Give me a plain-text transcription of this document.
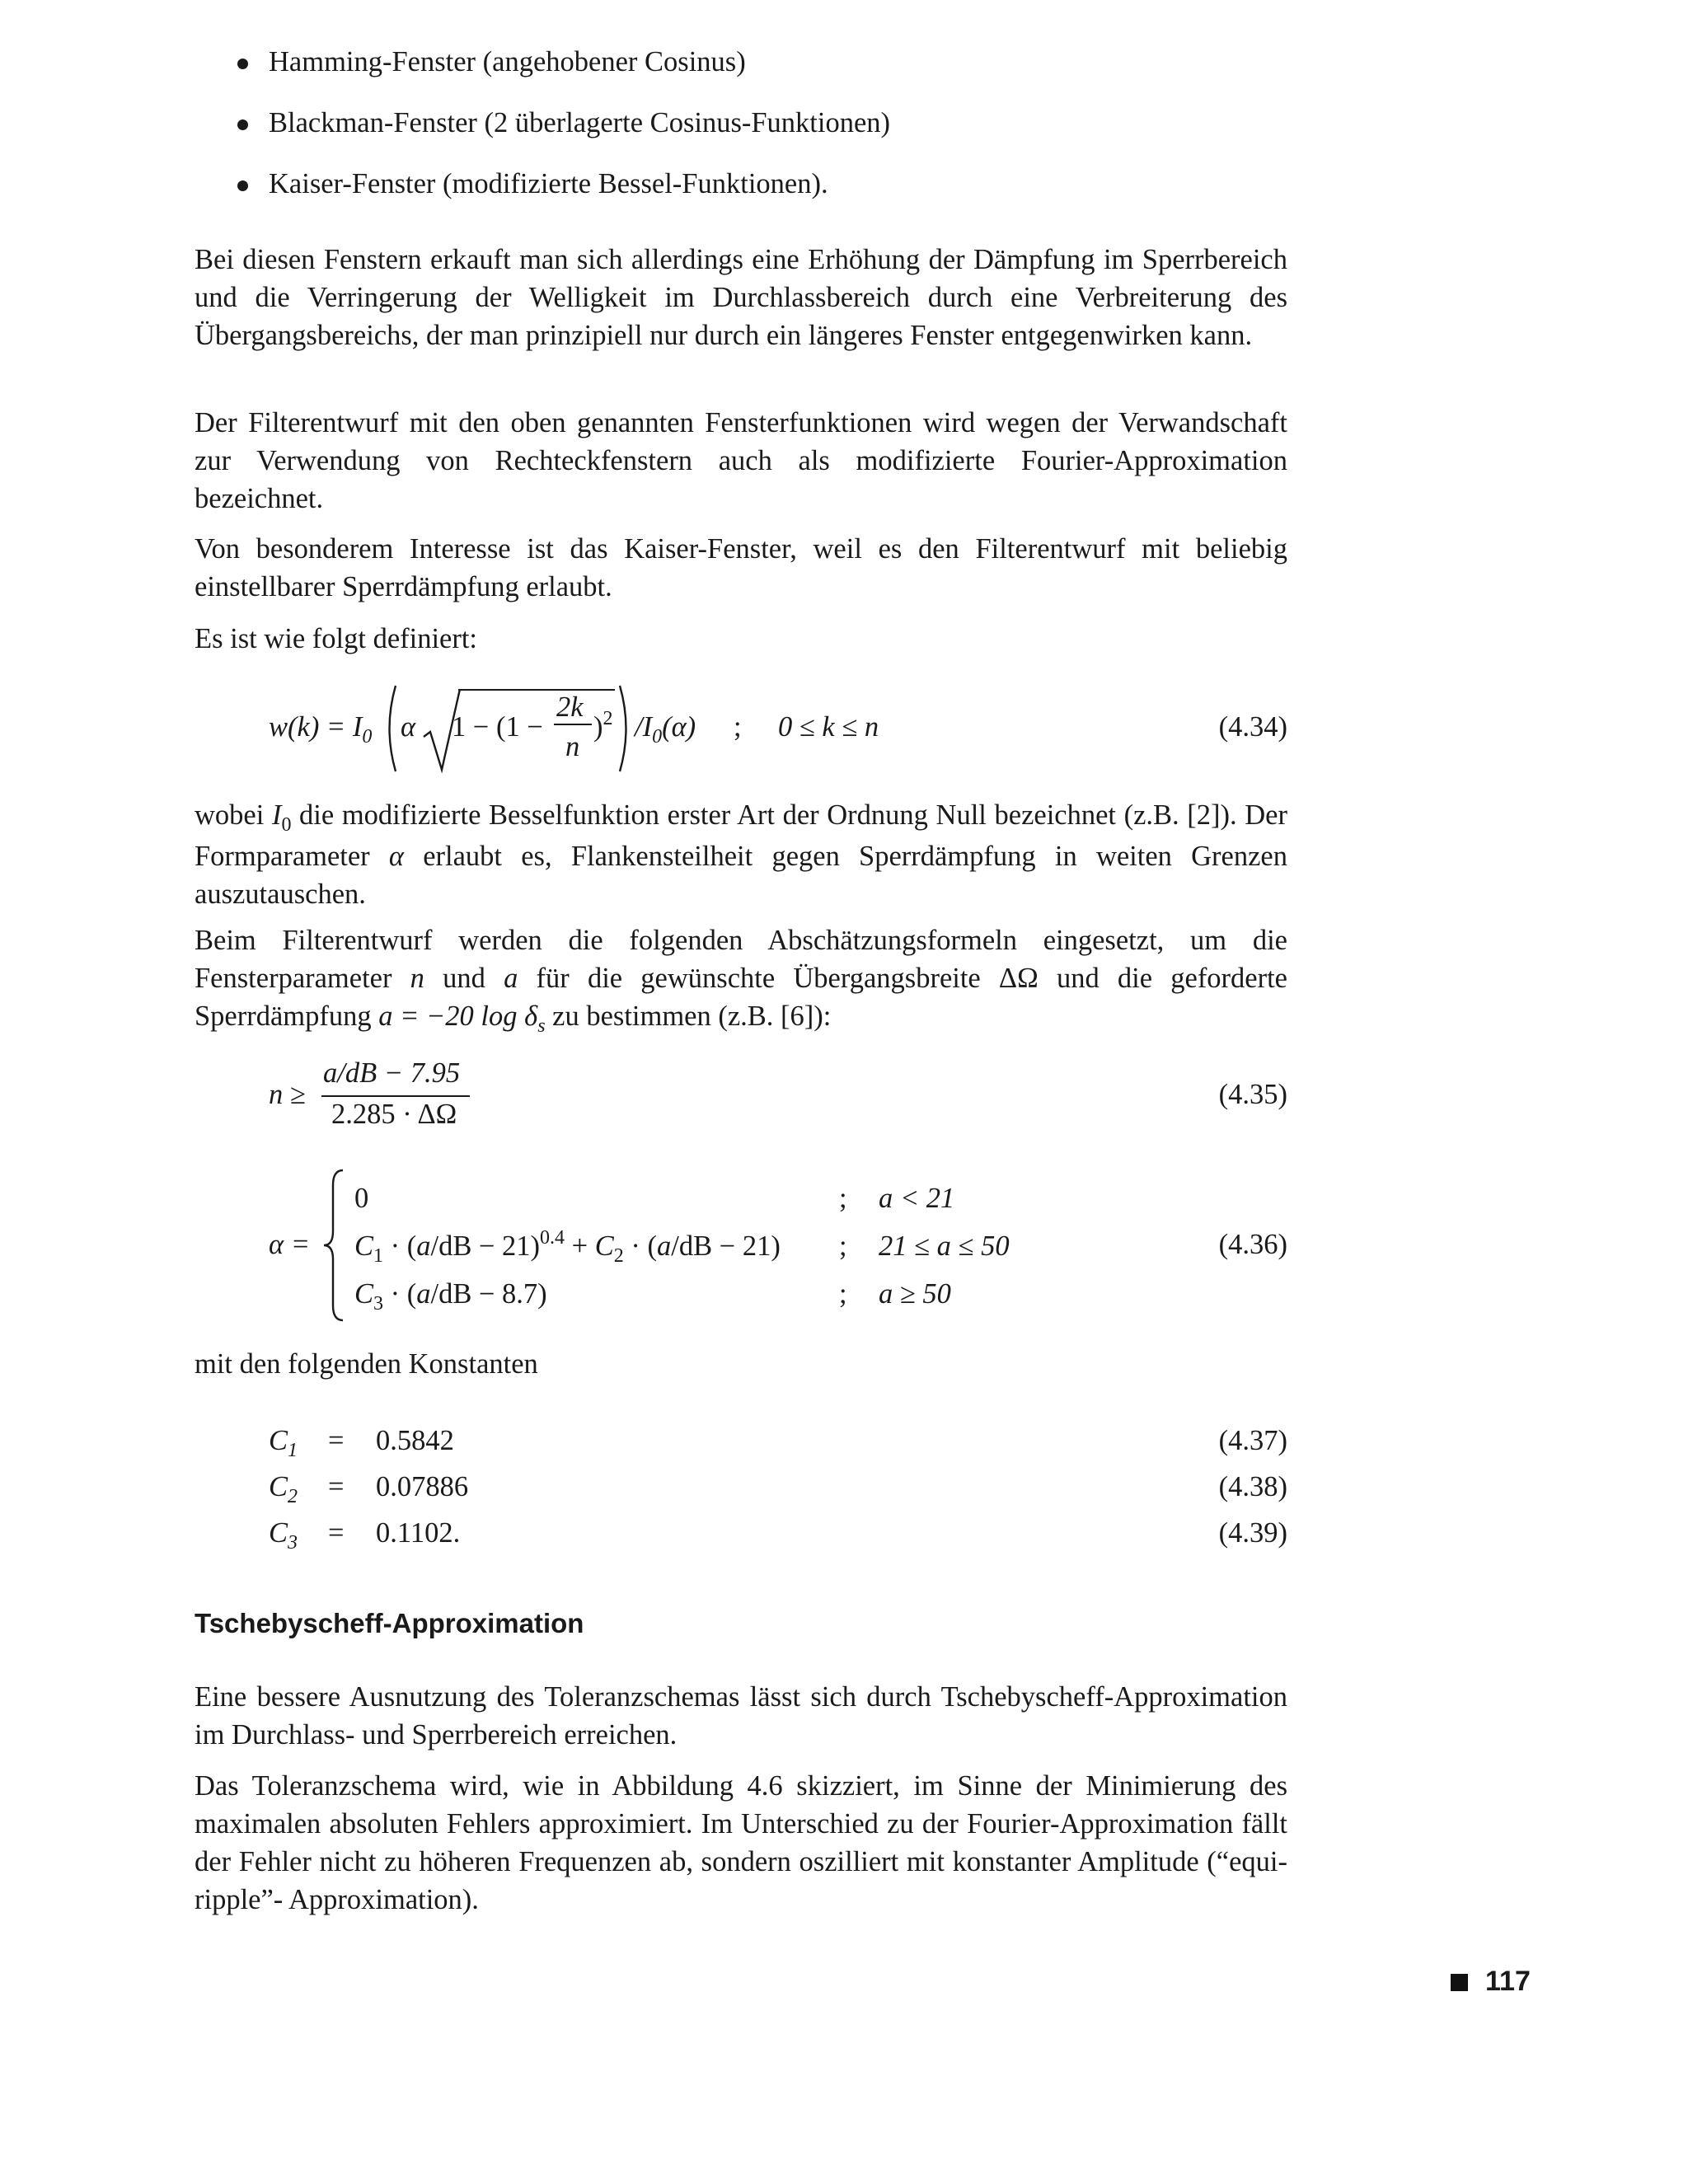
Hamming-Fenster (angehobener Cosinus)
Blackman-Fenster (2 überlagerte Cosinus-Funktionen)
Kaiser-Fenster (modifizierte Bessel-Funktionen).
Bei diesen Fenstern erkauft man sich allerdings eine Erhöhung der Dämpfung im Sperrbereich und die Verringerung der Welligkeit im Durchlassbereich durch eine Verbreiterung des Übergangsbereichs, der man prinzipiell nur durch ein längeres Fenster entgegenwirken kann.
Der Filterentwurf mit den oben genannten Fensterfunktionen wird wegen der Verwandschaft zur Verwendung von Rechteckfenstern auch als modifizierte Fourier-Approximation bezeichnet.
Von besonderem Interesse ist das Kaiser-Fenster, weil es den Filterentwurf mit beliebig einstellbarer Sperrdämpfung erlaubt.
Es ist wie folgt definiert:
$w(k) = I_0$ α 1 − (1 −
2k
n
)$^2$ $/I_0(\alpha)$ ; 0 ≤ k ≤ n	(4.34)
wobei $I_0$ die modifizierte Besselfunktion erster Art der Ordnung Null bezeichnet (z.B. [2]). Der Formparameter α erlaubt es, Flankensteilheit gegen Sperrdämpfung in weiten Grenzen auszutauschen.
Beim Filterentwurf werden die folgenden Abschätzungsformeln eingesetzt, um die Fensterparameter n und a für die gewünschte Übergangsbreite ΔΩ und die geforderte Sperrdämpfung a = −20 $\log \delta_s$ zu bestimmen (z.B. [6]):
n ≥
a/dB − 7.95
2.285 · ΔΩ
(4.35)
α =
0	; a < 21
$C_1 \cdot (a/dB - 21)^{0.4} + C_2 \cdot (a/dB - 21)$ ; 21 ≤ a ≤ 50
$C_3 \cdot (a/dB - 8.7)$	; a ≥ 50
(4.36)
mit den folgenden Konstanten
$C_1 = 0.5842$	(4.37)
$C_2 = 0.07886$	(4.38)
$C_3 = 0.1102$.	(4.39)
Tschebyscheff-Approximation
Eine bessere Ausnutzung des Toleranzschemas lässt sich durch Tschebyscheff-Approximation im Durchlass- und Sperrbereich erreichen.
Das Toleranzschema wird, wie in Abbildung 4.6 skizziert, im Sinne der Minimierung des maximalen absoluten Fehlers approximiert. Im Unterschied zu der Fourier-Approximation fällt der Fehler nicht zu höheren Frequenzen ab, sondern oszilliert mit konstanter Amplitude (“equi-ripple”- Approximation).
117
